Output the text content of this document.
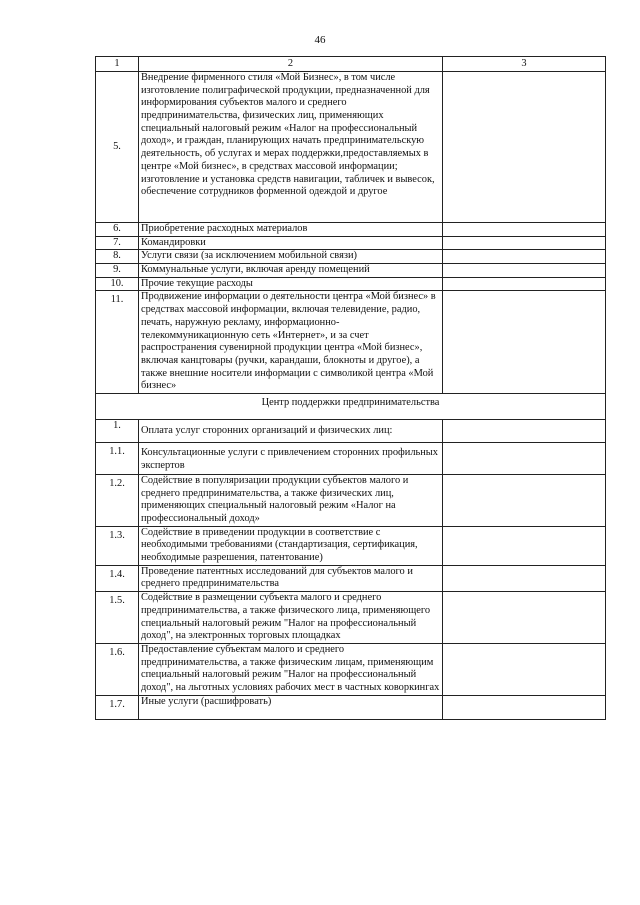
46
1	2	3
5.	Внедрение фирменного стиля «Мой Бизнес», в том числе изготовление полиграфической продукции, предназначенной для информирования субъектов малого и среднего предпринимательства, физических лиц, применяющих специальный налоговый режим «Налог на профессиональный доход», и граждан, планирующих начать предпринимательскую деятельность, об услугах и мерах поддержки,предоставляемых в центре «Мой бизнес», в средствах массовой информации; изготовление и установка средств навигации, табличек и вывесок, обеспечение сотрудников форменной одеждой и другое	
6.	Приобретение расходных материалов	
7.	Командировки	
8.	Услуги связи (за исключением мобильной связи)	
9.	Коммунальные услуги, включая аренду помещений	
10.	Прочие текущие расходы	
11.	Продвижение информации о деятельности центра «Мой бизнес» в средствах массовой информации, включая телевидение, радио, печать, наружную рекламу, информационно-телекоммуникационную сеть «Интернет», и за счет распространения сувенирной продукции центра «Мой бизнес», включая канцтовары (ручки, карандаши, блокноты и другое), а также внешние носители информации с символикой центра «Мой бизнес»	
Центр поддержки предпринимательства		
1.	Оплата услуг сторонних организаций и физических лиц:	
1.1.	Консультационные услуги с привлечением сторонних профильных экспертов	
1.2.	Содействие в популяризации продукции субъектов малого и среднего предпринимательства, а также физических лиц, применяющих специальный налоговый режим «Налог на профессиональный доход»	
1.3.	Содействие в приведении продукции в соответствие с необходимыми требованиями (стандартизация, сертификация, необходимые разрешения, патентование)	
1.4.	Проведение патентных исследований для субъектов малого и среднего предпринимательства	
1.5.	Содействие в размещении субъекта малого и среднего предпринимательства, а также физического лица, применяющего специальный налоговый режим "Налог на профессиональный доход", на электронных торговых площадках	
1.6.	Предоставление субъектам малого и среднего предпринимательства, а также физическим лицам, применяющим специальный налоговый режим "Налог на профессиональный доход", на льготных условиях рабочих мест в частных коворкингах	
1.7.	Иные услуги (расшифровать)	
